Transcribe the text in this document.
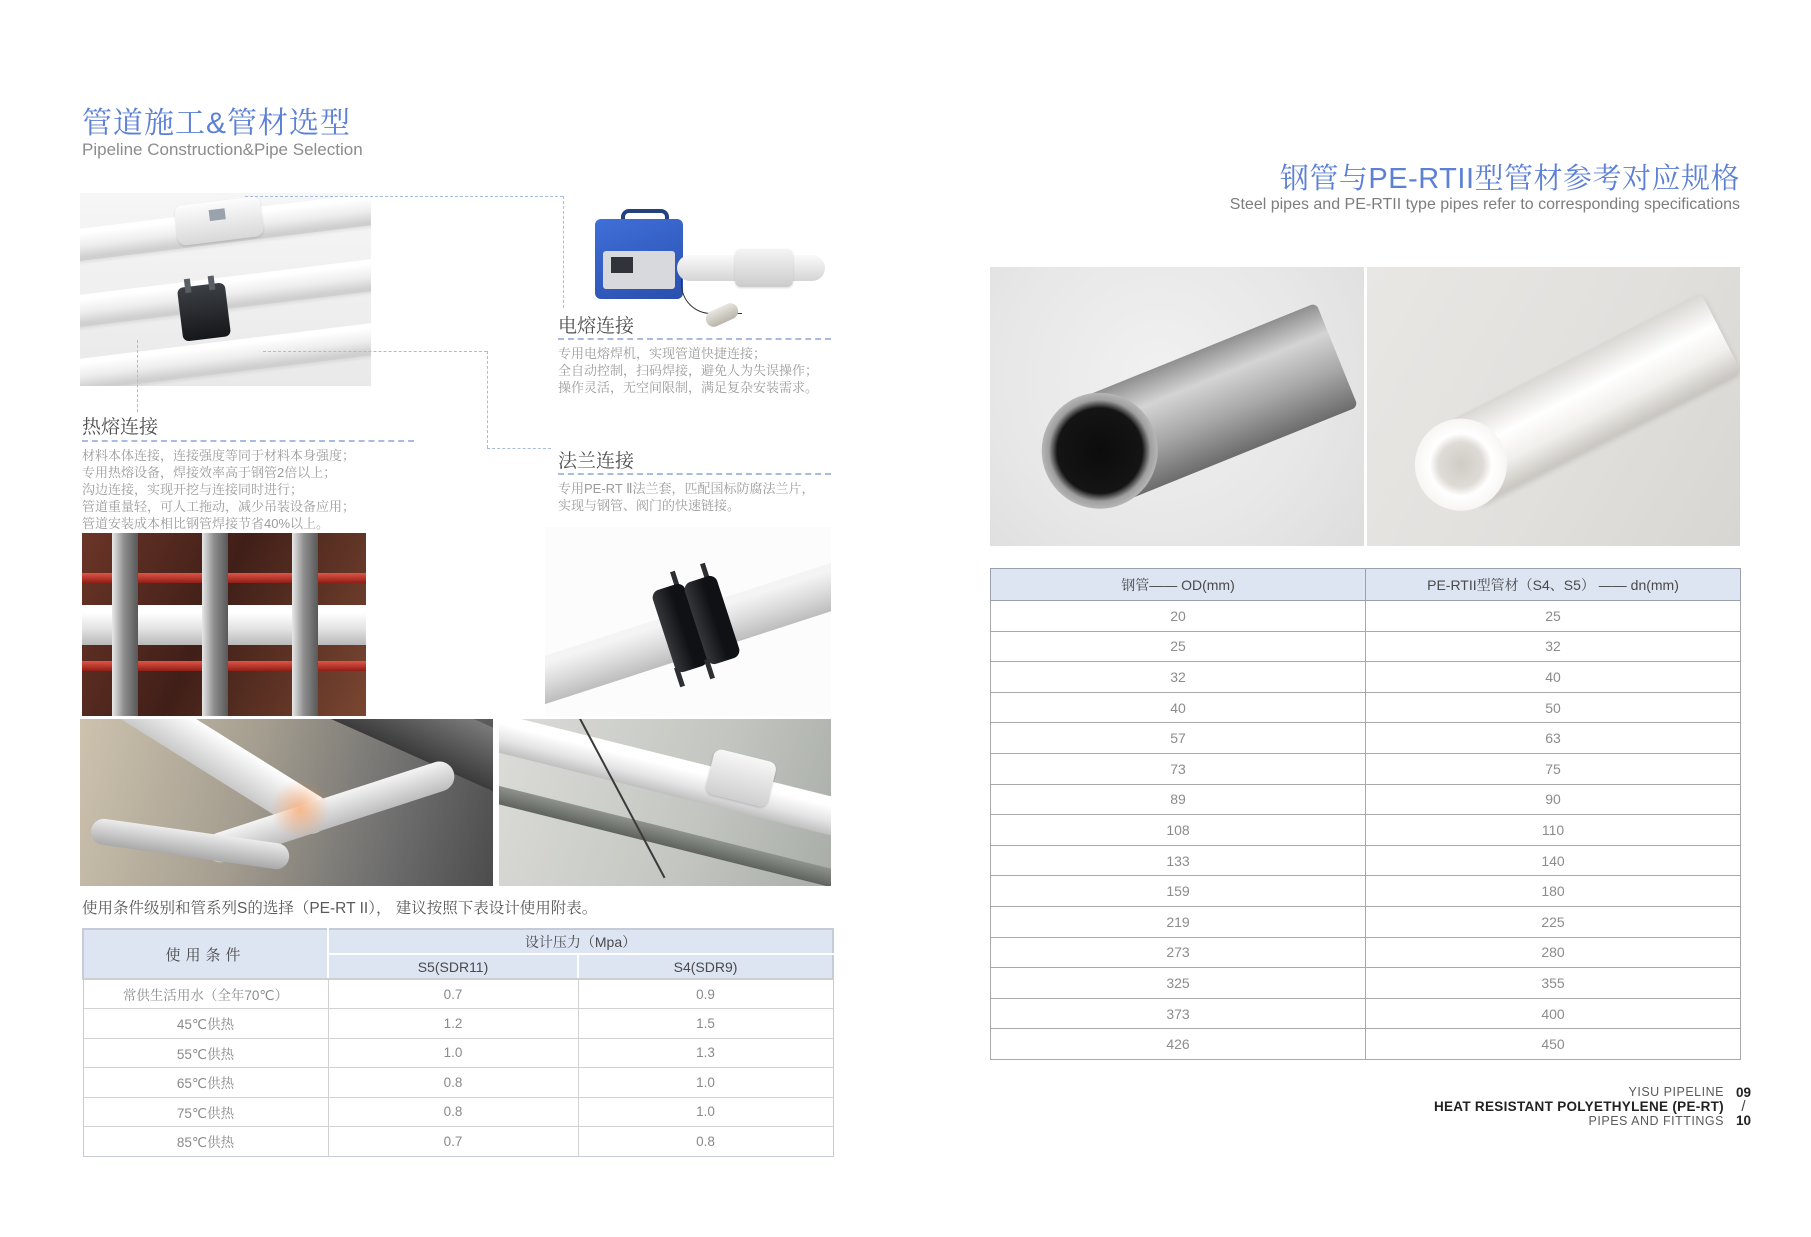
管道施工&管材选型
Pipeline Construction&Pipe Selection
热熔连接
材料本体连接，连接强度等同于材料本身强度；
专用热熔设备，焊接效率高于钢管2倍以上；
沟边连接，实现开挖与连接同时进行；
管道重量轻，可人工拖动，减少吊装设备应用；
管道安装成本相比钢管焊接节省40%以上。
电熔连接
专用电熔焊机，实现管道快捷连接；
全自动控制，扫码焊接，避免人为失误操作；
操作灵活，无空间限制，满足复杂安装需求。
法兰连接
专用PE-RT Ⅱ法兰套，匹配国标防腐法兰片，
实现与钢管、阀门的快速链接。
使用条件级别和管系列S的选择（PE-RT II）， 建议按照下表设计使用附表。
使用条件	设计压力（Mpa）	
	S5(SDR11)	S4(SDR9)
常供生活用水（全年70℃）	0.7	0.9
45℃供热	1.2	1.5
55℃供热	1.0	1.3
65℃供热	0.8	1.0
75℃供热	0.8	1.0
85℃供热	0.7	0.8
钢管与PE-RTII型管材参考对应规格
Steel pipes and PE-RTII type pipes refer to corresponding specifications
钢管—— OD(mm)	PE-RTII型管材（S4、S5） —— dn(mm)
20	25
25	32
32	40
40	50
57	63
73	75
89	90
108	110
133	140
159	180
219	225
273	280
325	355
373	400
426	450
YISU PIPELINE
HEAT RESISTANT POLYETHYLENE (PE-RT)
PIPES AND FITTINGS
09
/
10
